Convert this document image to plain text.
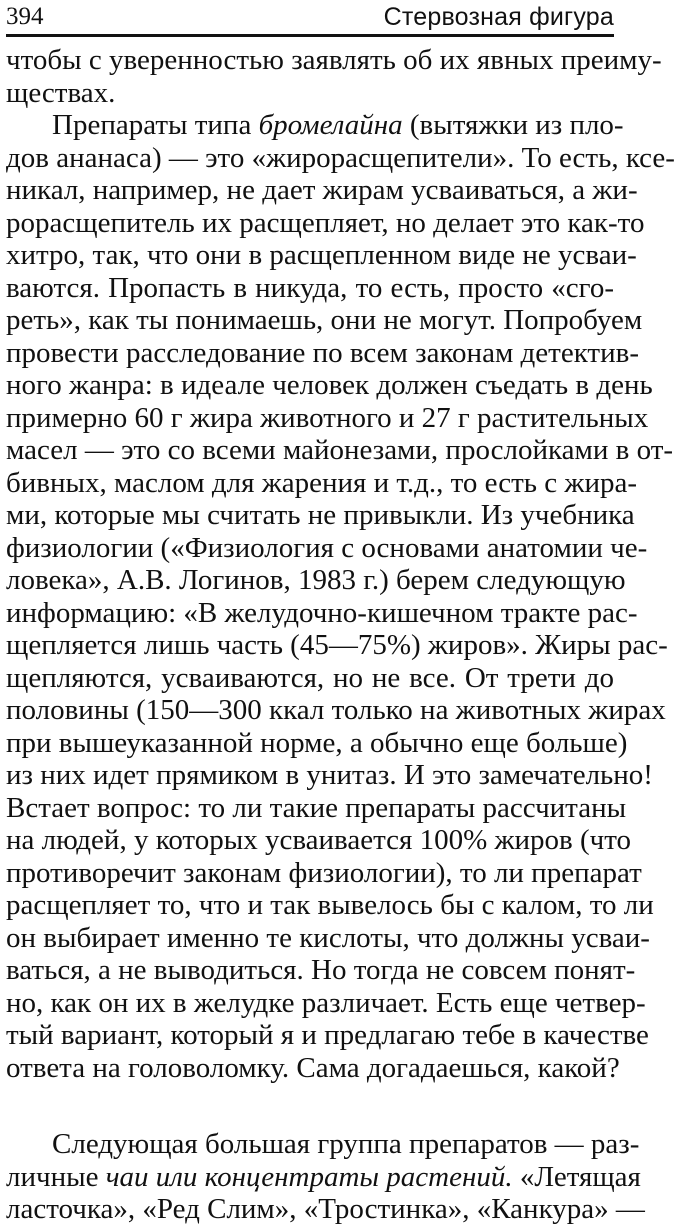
394	Стервозная фигура
чтобы с уверенностью заявлять об их явных преиму-
ществах.
Препараты типа бромелайна (вытяжки из пло-
дов ананаса) — это «жирорасщепители». То есть, ксе-
никал, например, не дает жирам усваиваться, а жи-
рорасщепитель их расщепляет, но делает это как-то
хитро, так, что они в расщепленном виде не усваи-
ваются. Пропасть в никуда, то есть, просто «сго-
реть», как ты понимаешь, они не могут. Попробуем
провести расследование по всем законам детектив-
ного жанра: в идеале человек должен съедать в день
примерно 60 г жира животного и 27 г растительных
масел — это со всеми майонезами, прослойками в от-
бивных, маслом для жарения и т.д., то есть с жира-
ми, которые мы считать не привыкли. Из учебника
физиологии («Физиология с основами анатомии че-
ловека», А.В. Логинов, 1983 г.) берем следующую
информацию: «В желудочно-кишечном тракте рас-
щепляется лишь часть (45—75%) жиров». Жиры рас-
щепляются, усваиваются, но не все. От трети до
половины (150—300 ккал только на животных жирах
при вышеуказанной норме, а обычно еще больше)
из них идет прямиком в унитаз. И это замечательно!
Встает вопрос: то ли такие препараты рассчитаны
на людей, у которых усваивается 100% жиров (что
противоречит законам физиологии), то ли препарат
расщепляет то, что и так вывелось бы с калом, то ли
он выбирает именно те кислоты, что должны усваи-
ваться, а не выводиться. Но тогда не совсем понят-
но, как он их в желудке различает. Есть еще четвер-
тый вариант, который я и предлагаю тебе в качестве
ответа на головоломку. Сама догадаешься, какой?
Следующая большая группа препаратов — раз-
личные чаи или концентраты растений. «Летящая
ласточка», «Ред Слим», «Тростинка», «Канкура» —
